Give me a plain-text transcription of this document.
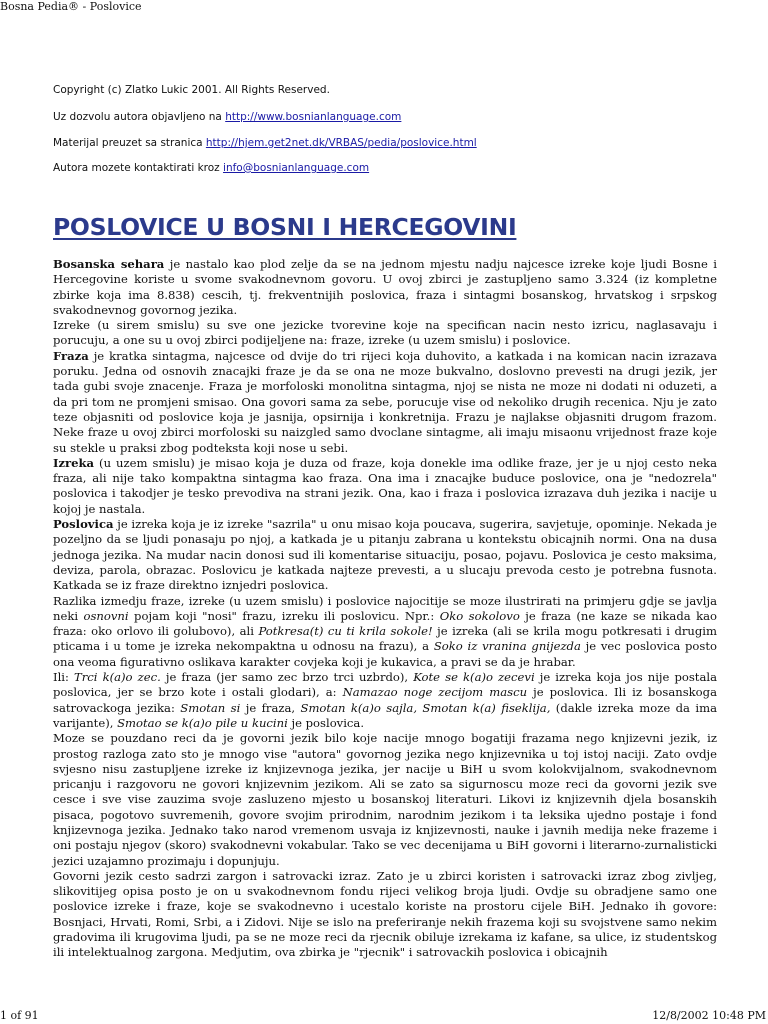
Bosna Pedia® - Poslovice
Copyright (c) Zlatko Lukic 2001. All Rights Reserved.
Uz dozvolu autora objavljeno na http://www.bosnianlanguage.com
Materijal preuzet sa stranica http://hjem.get2net.dk/VRBAS/pedia/poslovice.html
Autora mozete kontaktirati kroz info@bosnianlanguage.com
POSLOVICE U BOSNI I HERCEGOVINI

Bosanska sehara je nastalo kao plod zelje da se na jednom mjestu nadju najcesce izreke koje ljudi Bosne i Hercegovine koriste u svome svakodnevnom govoru. U ovoj zbirci je zastupljeno samo 3.324 (iz kompletne zbirke koja ima 8.838) cescih, tj. frekventnijih poslovica, fraza i sintagmi bosanskog, hrvatskog i srpskog svakodnevnog govornog jezika.

Izreke (u sirem smislu) su sve one jezicke tvorevine koje na specifican nacin nesto izricu, naglasavaju i porucuju, a one su u ovoj zbirci podijeljene na: fraze, izreke (u uzem smislu) i poslovice.

Fraza je kratka sintagma, najcesce od dvije do tri rijeci koja duhovito, a katkada i na komican nacin izrazava poruku. Jedna od osnovih znacajki fraze je da se ona ne moze bukvalno, doslovno prevesti na drugi jezik, jer tada gubi svoje znacenje. Fraza je morfoloski monolitna sintagma, njoj se nista ne moze ni dodati ni oduzeti, a da pri tom ne promjeni smisao. Ona govori sama za sebe, porucuje vise od nekoliko drugih recenica. Nju je zato teze objasniti od poslovice koja je jasnija, opsirnija i konkretnija. Frazu je najlakse objasniti drugom frazom. Neke fraze u ovoj zbirci morfoloski su naizgled samo dvoclane sintagme, ali imaju misaonu vrijednost fraze koje su stekle u praksi zbog podteksta koji nose u sebi.

Izreka (u uzem smislu) je misao koja je duza od fraze, koja donekle ima odlike fraze, jer je u njoj cesto neka fraza, ali nije tako kompaktna sintagma kao fraza. Ona ima i znacajke buduce poslovice, ona je "nedozrela" poslovica i takodjer je tesko prevodiva na strani jezik. Ona, kao i fraza i poslovica izrazava duh jezika i nacije u kojoj je nastala.

Poslovica je izreka koja je iz izreke "sazrila" u onu misao koja poucava, sugerira, savjetuje, opominje. Nekada je pozeljno da se ljudi ponasaju po njoj, a katkada je u pitanju zabrana u kontekstu obicajnih normi. Ona na dusa jednoga jezika. Na mudar nacin donosi sud ili komentarise situaciju, posao, pojavu. Poslovica je cesto maksima, deviza, parola, obrazac. Poslovicu je katkada najteze prevesti, a u slucaju prevoda cesto je potrebna fusnota. Katkada se iz fraze direktno iznjedri poslovica.

Razlika izmedju fraze, izreke (u uzem smislu) i poslovice najocitije se moze ilustrirati na primjeru gdje se javlja neki osnovni pojam koji "nosi" frazu, izreku ili poslovicu. Npr.: Oko sokolovo je fraza (ne kaze se nikada kao fraza: oko orlovo ili golubovo), ali Potkresa(t) cu ti krila sokole! je izreka (ali se krila mogu potkresati i drugim pticama i u tome je izreka nekompaktna u odnosu na frazu), a Soko iz vranina gnijezda je vec poslovica posto ona veoma figurativno oslikava karakter covjeka koji je kukavica, a pravi se da je hrabar.

Ili: Trci k(a)o zec. je fraza (jer samo zec brzo trci uzbrdo), Kote se k(a)o zecevi je izreka koja jos nije postala poslovica, jer se brzo kote i ostali glodari), a: Namazao noge zecijom mascu je poslovica. Ili iz bosanskoga satrovackoga jezika: Smotan si je fraza, Smotan k(a)o sajla, Smotan k(a) fiseklija, (dakle izreka moze da ima varijante), Smotao se k(a)o pile u kucini je poslovica.

Moze se pouzdano reci da je govorni jezik bilo koje nacije mnogo bogatiji frazama nego knjizevni jezik, iz prostog razloga zato sto je mnogo vise "autora" govornog jezika nego knjizevnika u toj istoj naciji. Zato ovdje svjesno nisu zastupljene izreke iz knjizevnoga jezika, jer nacije u BiH u svom kolokvijalnom, svakodnevnom pricanju i razgovoru ne govori knjizevnim jezikom. Ali se zato sa sigurnoscu moze reci da govorni jezik sve cesce i sve vise zauzima svoje zasluzeno mjesto u bosanskoj literaturi. Likovi iz knjizevnih djela bosanskih pisaca, pogotovo suvremenih, govore svojim prirodnim, narodnim jezikom i ta leksika ujedno postaje i fond knjizevnoga jezika. Jednako tako narod vremenom usvaja iz knjizevnosti, nauke i javnih medija neke frazeme i oni postaju njegov (skoro) svakodnevni vokabular. Tako se vec decenijama u BiH govorni i literarno-zurnalisticki jezici uzajamno prozimaju i dopunjuju.

Govorni jezik cesto sadrzi zargon i satrovacki izraz. Zato je u zbirci koristen i satrovacki izraz zbog zivljeg, slikovitijeg opisa posto je on u svakodnevnom fondu rijeci velikog broja ljudi. Ovdje su obradjene samo one poslovice izreke i fraze, koje se svakodnevno i ucestalo koriste na prostoru cijele BiH. Jednako ih govore: Bosnjaci, Hrvati, Romi, Srbi, a i Zidovi. Nije se islo na preferiranje nekih frazema koji su svojstvene samo nekim gradovima ili krugovima ljudi, pa se ne moze reci da rjecnik obiluje izrekama iz kafane, sa ulice, iz studentskog ili intelektualnog zargona. Medjutim, ova zbirka je "rjecnik" i satrovackih poslovica i obicajnih

1 of 91	12/8/2002 10:48 PM
